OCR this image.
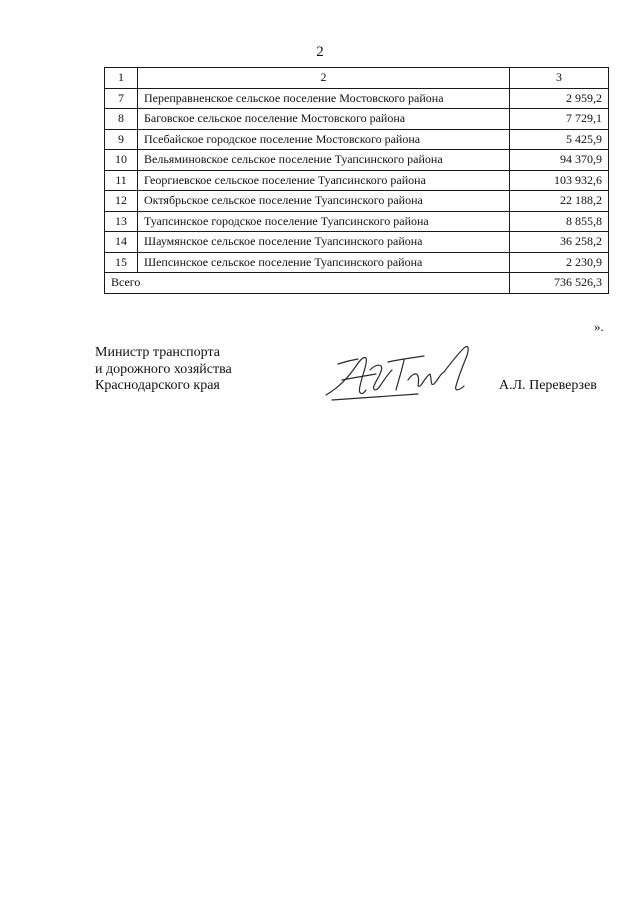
2
1	2	3
7	Переправненское сельское поселение Мостовского района	2 959,2
8	Баговское сельское поселение Мостовского района	7 729,1
9	Псебайское городское поселение Мостовского района	5 425,9
10	Вельяминовское сельское поселение Туапсинского района	94 370,9
11	Георгиевское сельское поселение Туапсинского района	103 932,6
12	Октябрьское сельское поселение Туапсинского района	22 188,2
13	Туапсинское городское поселение Туапсинского района	8 855,8
14	Шаумянское сельское поселение Туапсинского района	36 258,2
15	Шепсинское сельское поселение Туапсинского района	2 230,9
Всего		736 526,3
».
Министр транспорта
и дорожного хозяйства
Краснодарского края	А.Л. Переверзев
